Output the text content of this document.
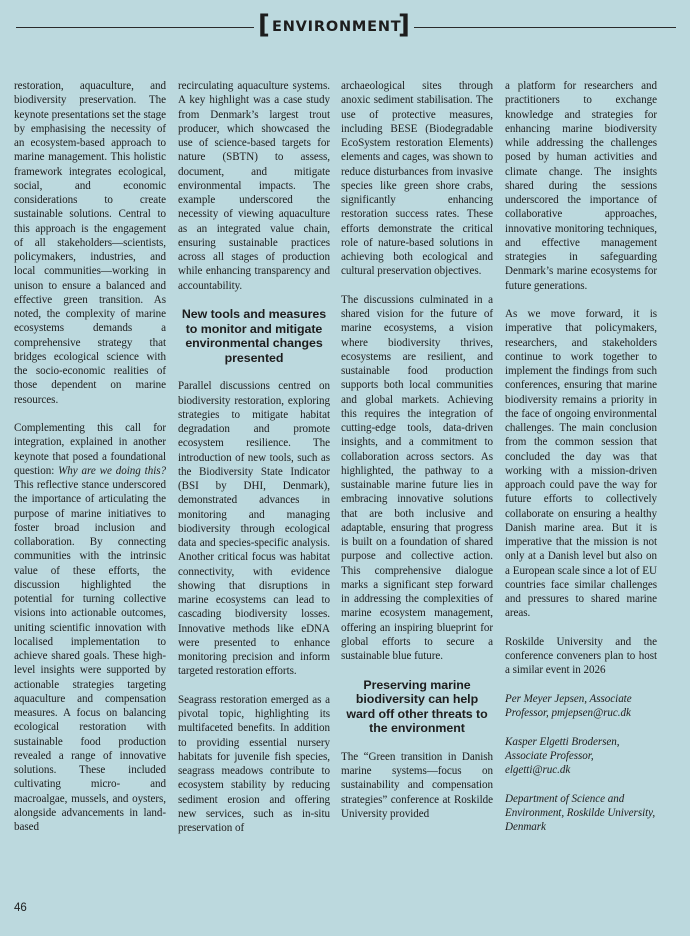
[ ENVIRONMENT
]

restoration, aquaculture, and biodiversity preservation. The keynote presentations set the stage by emphasising the necessity of an ecosystem-based approach to marine management. This holistic framework integrates ecological, social, and economic considerations to create sustainable solutions. Central to this approach is the engagement of all stakeholders—scientists, policymakers, industries, and local communities—working in unison to ensure a balanced and effective green transition. As noted, the complexity of marine ecosystems demands a comprehensive strategy that bridges ecological science with the socio-economic realities of those dependent on marine resources.

Complementing this call for integration, explained in another keynote that posed a foundational question: Why are we doing this? This reflective stance underscored the importance of articulating the purpose of marine initiatives to foster broad inclusion and collaboration. By connecting communities with the intrinsic value of these efforts, the discussion highlighted the potential for turning collective visions into actionable outcomes, uniting scientific innovation with localised implementation to achieve shared goals. These high-level insights were supported by actionable strategies targeting aquaculture and compensation measures. A focus on balancing ecological restoration with sustainable food production revealed a range of innovative solutions. These included cultivating micro- and macroalgae, mussels, and oysters, alongside advancements in land-based

recirculating aquaculture systems. A key highlight was a case study from Denmark’s largest trout producer, which showcased the use of science-based targets for nature (SBTN) to assess, document, and mitigate environmental impacts. The example underscored the necessity of viewing aquaculture as an integrated value chain, ensuring sustainable practices across all stages of production while enhancing transparency and accountability.

New tools and measures to monitor and mitigate environmental changes presented

Parallel discussions centred on biodiversity restoration, exploring strategies to mitigate habitat degradation and promote ecosystem resilience. The introduction of new tools, such as the Biodiversity State Indicator (BSI by DHI, Denmark), demonstrated advances in monitoring and managing biodiversity through ecological data and species-specific analysis. Another critical focus was habitat connectivity, with evidence showing that disruptions in marine ecosystems can lead to cascading biodiversity losses. Innovative methods like eDNA were presented to enhance monitoring precision and inform targeted restoration efforts.

Seagrass restoration emerged as a pivotal topic, highlighting its multifaceted benefits. In addition to providing essential nursery habitats for juvenile fish species, seagrass meadows contribute to ecosystem stability by reducing sediment erosion and offering new services, such as in-situ preservation of

archaeological sites through anoxic sediment stabilisation. The use of protective measures, including BESE (Biodegradable EcoSystem restoration Elements) elements and cages, was shown to reduce disturbances from invasive species like green shore crabs, significantly enhancing restoration success rates. These efforts demonstrate the critical role of nature-based solutions in achieving both ecological and cultural preservation objectives.

The discussions culminated in a shared vision for the future of marine ecosystems, a vision where biodiversity thrives, ecosystems are resilient, and sustainable food production supports both local communities and global markets. Achieving this requires the integration of cutting-edge tools, data-driven insights, and a commitment to collaboration across sectors. As highlighted, the pathway to a sustainable marine future lies in embracing innovative solutions that are both inclusive and adaptable, ensuring that progress is built on a foundation of shared purpose and collective action. This comprehensive dialogue marks a significant step forward in addressing the complexities of marine ecosystem management, offering an inspiring blueprint for global efforts to secure a sustainable blue future.

Preserving marine biodiversity can help ward off other threats to the environment

The “Green transition in Danish marine systems—focus on sustainability and compensation strategies” conference at Roskilde University provided

a platform for researchers and practitioners to exchange knowledge and strategies for enhancing marine biodiversity while addressing the challenges posed by human activities and climate change. The insights shared during the sessions underscored the importance of collaborative approaches, innovative monitoring techniques, and effective management strategies in safeguarding Denmark’s marine ecosystems for future generations.

As we move forward, it is imperative that policymakers, researchers, and stakeholders continue to work together to implement the findings from such conferences, ensuring that marine biodiversity remains a priority in the face of ongoing environmental challenges. The main conclusion from the common session that concluded the day was that working with a mission-driven approach could pave the way for future efforts to collectively collaborate on ensuring a healthy Danish marine area. But it is imperative that the mission is not only at a Danish level but also on a European scale since a lot of EU countries face similar challenges and pressures to shared marine areas.

Roskilde University and the conference conveners plan to host a similar event in 2026

Per Meyer Jepsen, Associate Professor, pmjepsen@ruc.dk

Kasper Elgetti Brodersen, Associate Professor, elgetti@ruc.dk

Department of Science and Environment, Roskilde University, Denmark

46
